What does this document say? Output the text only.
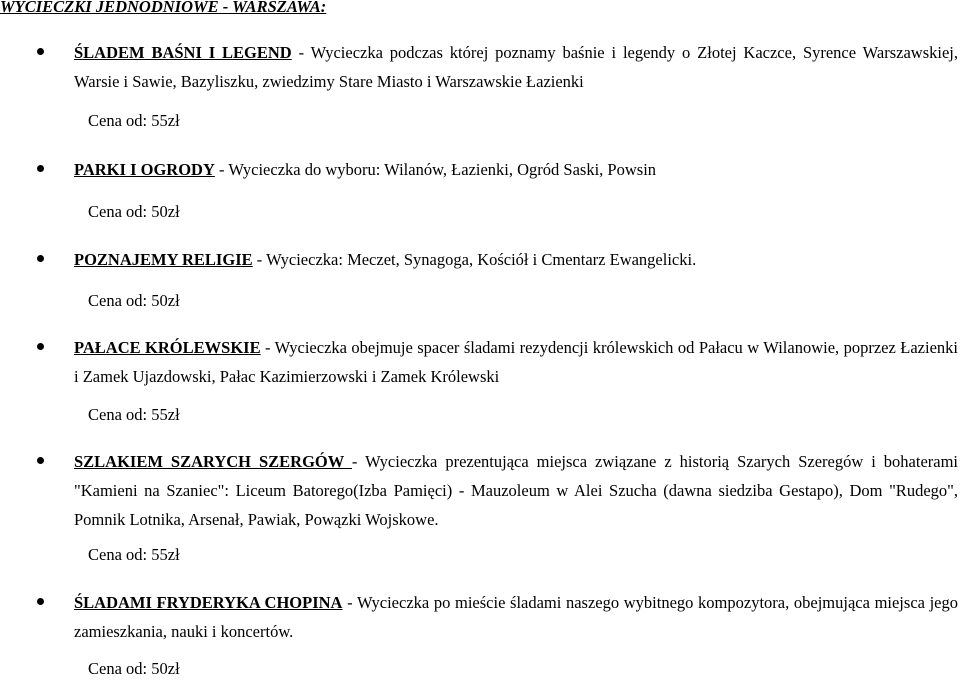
WYCIECZKI JEDNODNIOWE - WARSZAWA:
ŚLADEM BAŚNI I LEGEND - Wycieczka podczas której poznamy baśnie i legendy o Złotej Kaczce, Syrence Warszawskiej, Warsie i Sawie, Bazyliszku, zwiedzimy Stare Miasto i Warszawskie Łazienki
Cena od: 55zł
PARKI I OGRODY - Wycieczka do wyboru: Wilanów, Łazienki, Ogród Saski, Powsin
Cena od: 50zł
POZNAJEMY RELIGIE - Wycieczka: Meczet, Synagoga, Kościół i Cmentarz Ewangelicki.
Cena od: 50zł
PAŁACE KRÓLEWSKIE - Wycieczka obejmuje spacer śladami rezydencji królewskich od Pałacu w Wilanowie, poprzez Łazienki i Zamek Ujazdowski, Pałac Kazimierzowski i Zamek Królewski
Cena od: 55zł
SZLAKIEM SZARYCH SZERGÓW - Wycieczka prezentująca miejsca związane z historią Szarych Szeregów i bohaterami "Kamieni na Szaniec": Liceum Batorego(Izba Pamięci) - Mauzoleum w Alei Szucha (dawna siedziba Gestapo), Dom "Rudego", Pomnik Lotnika, Arsenał, Pawiak, Powązki Wojskowe.
Cena od: 55zł
ŚLADAMI FRYDERYKA CHOPINA - Wycieczka po mieście śladami naszego wybitnego kompozytora, obejmująca miejsca jego zamieszkania, nauki i koncertów.
Cena od: 50zł
